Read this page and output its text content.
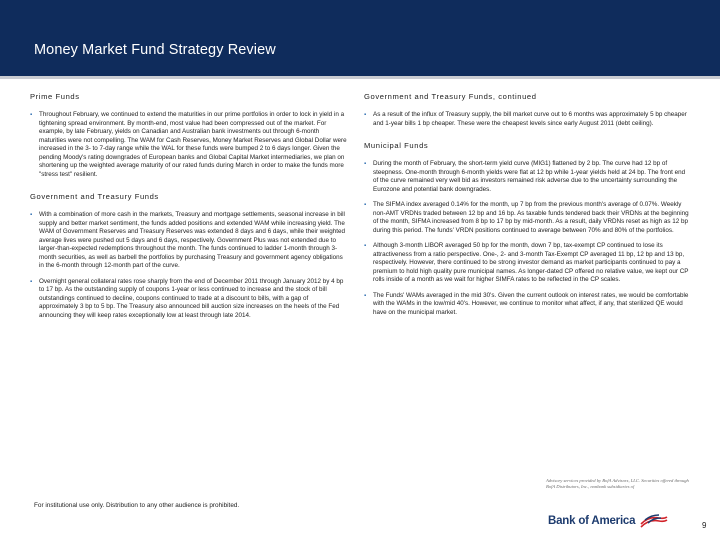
Money Market Fund Strategy Review
Prime Funds
▪ Throughout February, we continued to extend the maturities in our prime portfolios in order to lock in yield in a tightening spread environment. By month-end, most value had been compressed out of the market. For example, by late February, yields on Canadian and Australian bank investments out through 6-month maturities were not compelling. The WAM for Cash Reserves, Money Market Reserves and Global Dollar were increased in the 3- to 7-day range while the WAL for these funds were bumped 2 to 6 days longer. Given the pending Moody's rating downgrades of European banks and Global Capital Market intermediaries, we plan on shortening up the weighted average maturity of our rated funds during March in order to make the funds more "stress test" resilient.
Government and Treasury Funds
▪ With a combination of more cash in the markets, Treasury and mortgage settlements, seasonal increase in bill supply and better market sentiment, the funds added positions and extended WAM while increasing yield. The WAM of Government Reserves and Treasury Reserves was extended 8 days and 6 days, while their weighted average lives were pushed out 5 days and 6 days, respectively. Government Plus was not extended due to larger-than-expected redemptions throughout the month. The funds continued to ladder 1-month through 3-month securities, as well as barbell the portfolios by purchasing Treasury and government agency obligations in the 6-month through 12-month part of the curve.
▪ Overnight general collateral rates rose sharply from the end of December 2011 through January 2012 by 4 bp to 17 bp. As the outstanding supply of coupons 1-year or less continued to increase and the stock of bill outstandings continued to decline, coupons continued to trade at a discount to bills, with a gap of approximately 3 bp to 5 bp. The Treasury also announced bill auction size increases on the heels of the Fed announcing they will keep rates exceptionally low at least through late 2014.
Government and Treasury Funds, continued
▪ As a result of the influx of Treasury supply, the bill market curve out to 6 months was approximately 5 bp cheaper and 1-year bills 1 bp cheaper. These were the cheapest levels since early August 2011 (debt ceiling).
Municipal Funds
▪ During the month of February, the short-term yield curve (MIG1) flattened by 2 bp. The curve had 12 bp of steepness. One-month through 6-month yields were flat at 12 bp while 1-year yields held at 24 bp. The front end of the curve remained very well bid as investors remained risk adverse due to the uncertainty surrounding the Eurozone and potential bank downgrades.
▪ The SIFMA index averaged 0.14% for the month, up 7 bp from the previous month's average of 0.07%. Weekly non-AMT VRDNs traded between 12 bp and 16 bp. As taxable funds tendered back their VRDNs at the beginning of the month, SIFMA increased from 8 bp to 17 bp by mid-month. As a result, daily VRDNs reset as high as 12 bp during this period. The funds' VRDN positions continued to average between 70% and 80% of the portfolios.
▪ Although 3-month LIBOR averaged 50 bp for the month, down 7 bp, tax-exempt CP continued to lose its attractiveness from a ratio perspective. One-, 2- and 3-month Tax-Exempt CP averaged 11 bp, 12 bp and 13 bp, respectively. However, there continued to be strong investor demand as market participants continued to pay a premium to hold high quality pure municipal names. As longer-dated CP offered no relative value, we kept our CP rolls inside of a month as we wait for higher SIMFA rates to be reflected in the CP scales.
▪ The Funds' WAMs averaged in the mid 30's. Given the current outlook on interest rates, we would be comfortable with the WAMs in the low/mid 40's. However, we continue to monitor what affect, if any, that sterilized QE would have on the municipal market.
For institutional use only. Distribution to any other audience is prohibited.
Advisory services provided by BofA Advisors, LLC. Securities offered through BofA Distributors, Inc., nonbank subsidiaries of
Bank of America	9
